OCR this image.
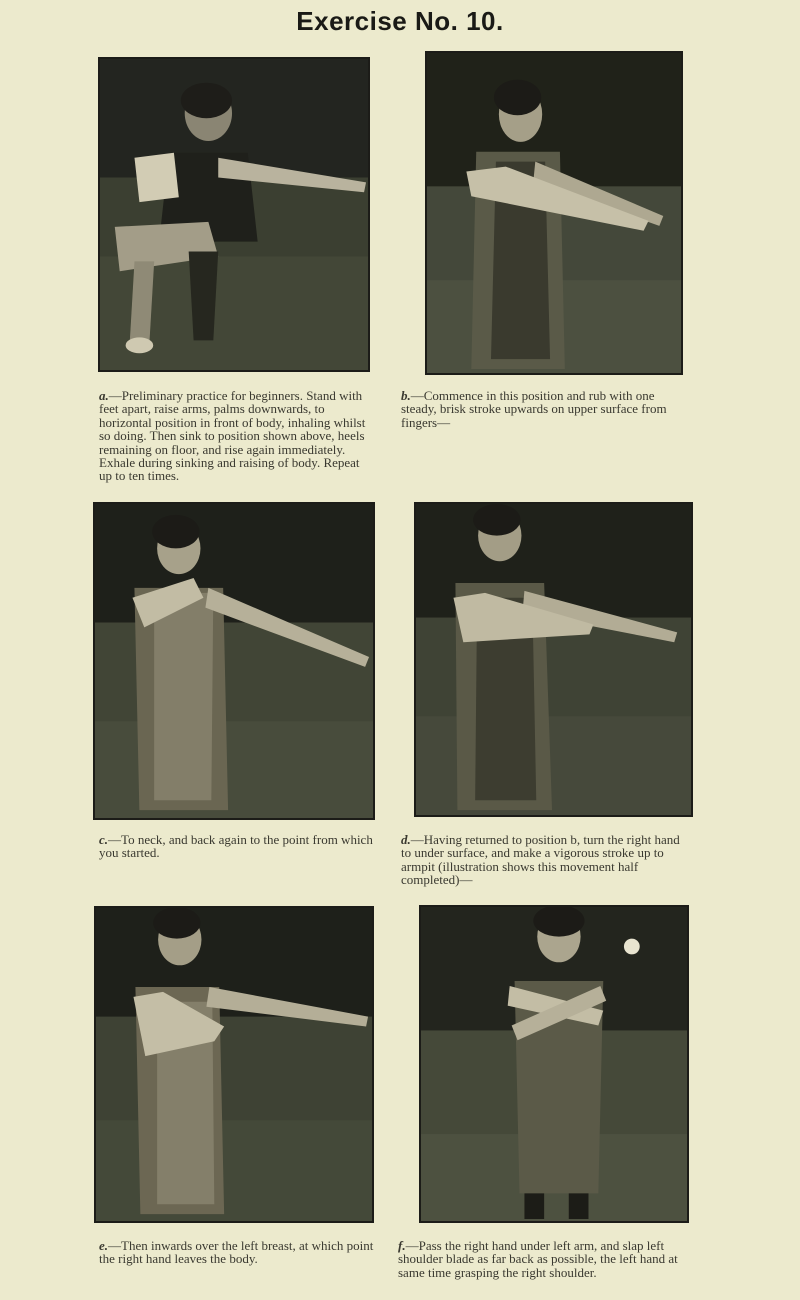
Exercise No. 10.
a.—Preliminary practice for beginners. Stand with feet apart, raise arms, palms downwards, to horizontal position in front of body, inhaling whilst so doing. Then sink to position shown above, heels remaining on floor, and rise again immediately. Exhale during sinking and raising of body. Repeat up to ten times.
b.—Commence in this position and rub with one steady, brisk stroke upwards on upper surface from fingers—
c.—To neck, and back again to the point from which you started.
d.—Having returned to position b, turn the right hand to under surface, and make a vigorous stroke up to armpit (illustration shows this movement half completed)—
e.—Then inwards over the left breast, at which point the right hand leaves the body.
f.—Pass the right hand under left arm, and slap left shoulder blade as far back as possible, the left hand at same time grasping the right shoulder.
